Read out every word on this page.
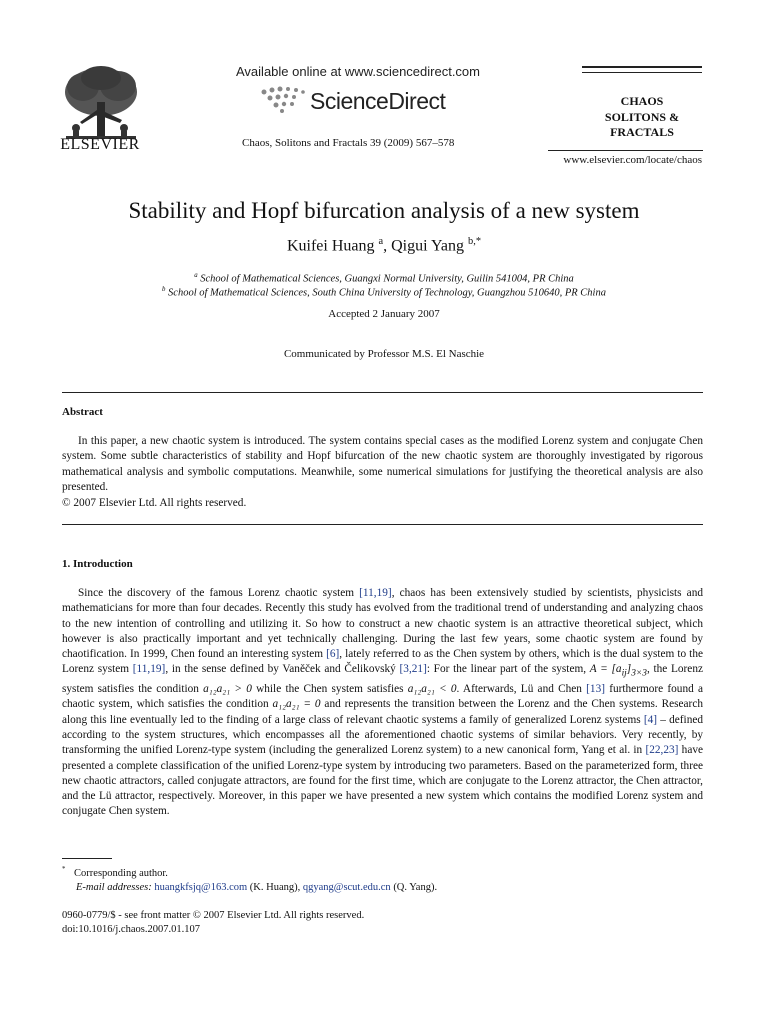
ELSEVIER
Available online at www.sciencedirect.com
ScienceDirect
Chaos, Solitons and Fractals 39 (2009) 567–578
CHAOS
SOLITONS & FRACTALS
www.elsevier.com/locate/chaos
Stability and Hopf bifurcation analysis of a new system
Kuifei Huang $^a$, Qigui Yang $^{b,*}$
$^a$ School of Mathematical Sciences, Guangxi Normal University, Guilin 541004, PR China
$^b$ School of Mathematical Sciences, South China University of Technology, Guangzhou 510640, PR China
Accepted 2 January 2007
Communicated by Professor M.S. El Naschie
Abstract
In this paper, a new chaotic system is introduced. The system contains special cases as the modified Lorenz system and conjugate Chen system. Some subtle characteristics of stability and Hopf bifurcation of the new chaotic system are thoroughly investigated by rigorous mathematical analysis and symbolic computations. Meanwhile, some numerical simulations for justifying the theoretical analysis are also presented.
© 2007 Elsevier Ltd. All rights reserved.
1. Introduction
Since the discovery of the famous Lorenz chaotic system [11,19], chaos has been extensively studied by scientists, physicists and mathematicians for more than four decades. Recently this study has evolved from the traditional trend of understanding and analyzing chaos to the new intention of controlling and utilizing it. So how to construct a new chaotic system is an attractive theoretical subject, which however is also practically important and yet technically challenging. During the last few years, some chaotic system are found by chaotification. In 1999, Chen found an interesting system [6], lately referred to as the Chen system by others, which is the dual system to the Lorenz system [11,19], in the sense defined by Vaněček and Čelikovský [3,21]: For the linear part of the system, $A = [a_{ij}]_{3\times 3}$, the Lorenz system satisfies the condition a₁₂a₂₁ > 0 while the Chen system satisfies a₁₂a₂₁ < 0. Afterwards, Lü and Chen [13] furthermore found a chaotic system, which satisfies the condition a₁₂a₂₁ = 0 and represents the transition between the Lorenz and the Chen systems. Research along this line eventually led to the finding of a large class of relevant chaotic systems a family of generalized Lorenz systems [4] – defined according to the system structures, which encompasses all the aforementioned chaotic systems of similar behaviors. Very recently, by transforming the unified Lorenz-type system (including the generalized Lorenz system) to a new canonical form, Yang et al. in [22,23] have presented a complete classification of the unified Lorenz-type system by introducing two parameters. Based on the parameterized form, three new chaotic attractors, called conjugate attractors, are found for the first time, which are conjugate to the Lorenz attractor, the Chen attractor, and the Lü attractor, respectively. Moreover, in this paper we have presented a new system which contains the modified Lorenz system and conjugate Chen system.
* Corresponding author.
E-mail addresses: huangkfsjq@163.com (K. Huang), qgyang@scut.edu.cn (Q. Yang).
0960-0779/$ - see front matter © 2007 Elsevier Ltd. All rights reserved.
doi:10.1016/j.chaos.2007.01.107
